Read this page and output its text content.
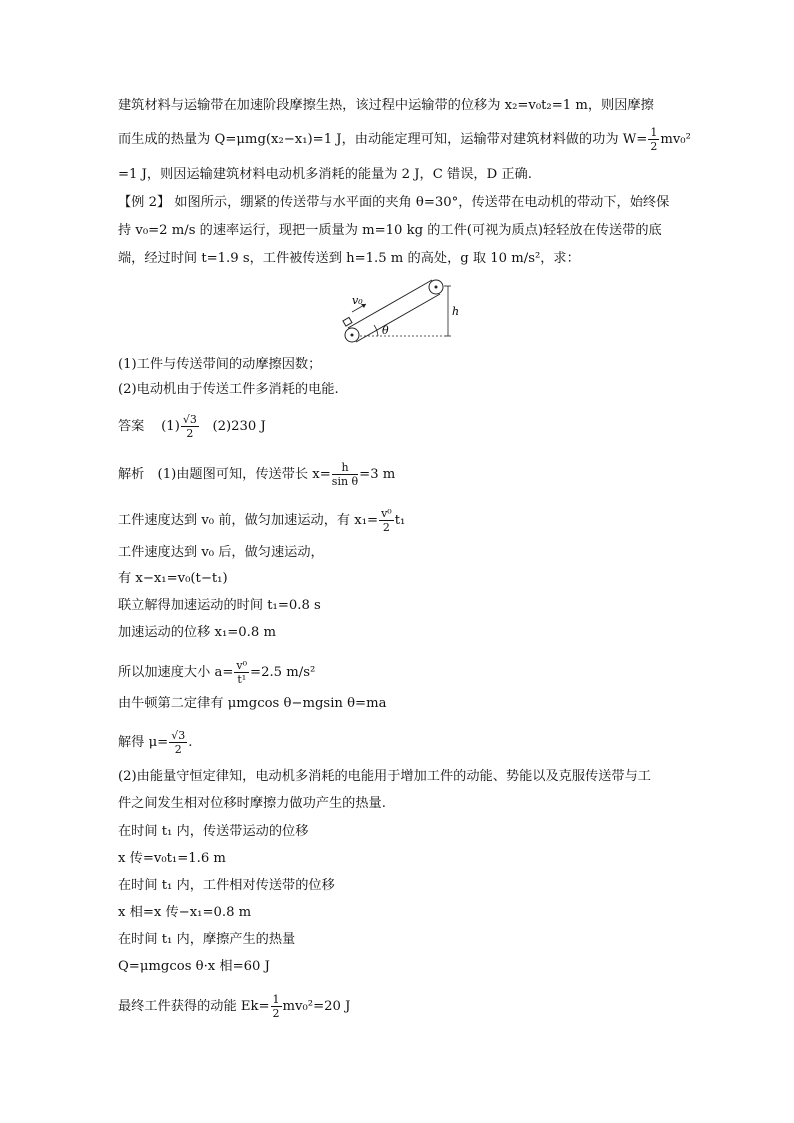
建筑材料与运输带在加速阶段摩擦生热，该过程中运输带的位移为 x₂=v₀t₂=1 m，则因摩擦
而生成的热量为 Q=μmg(x₂−x₁)=1 J，由动能定理可知，运输带对建筑材料做的功为 $W= \frac{1}{2} mv_0^2$
=1 J，则因运输建筑材料电动机多消耗的能量为 2 J，C 错误，D 正确.
【例 2】 如图所示，绷紧的传送带与水平面的夹角 θ=30°，传送带在电动机的带动下，始终保
持 v₀=2 m/s 的速率运行，现把一质量为 m=10 kg 的工件(可视为质点)轻轻放在传送带的底
端，经过时间 t=1.9 s，工件被传送到 h=1.5 m 的高处，g 取 10 m/s²，求：
v₀
h
θ
(1)工件与传送带间的动摩擦因数；
(2)电动机由于传送工件多消耗的电能.
答案 $(1) \frac{√3}{2} (2)230$ J
解析　(1)由题图可知，传送带长 $x= \frac{h}{\text{sin θ}} =3$ m
工件速度达到 v₀ 前，做匀加速运动，有 $x_1= \frac{\text{v⁰}}{2} t_1$
工件速度达到 v₀ 后，做匀速运动，
有 x−x₁=v₀(t−t₁)
联立解得加速运动的时间 t₁=0.8 s
加速运动的位移 x₁=0.8 m
所以加速度大小 $a= \frac{\text{v⁰}}{\text{t¹}} =2.5$ m/s²
由牛顿第二定律有 μmgcos θ−mgsin θ=ma
解得 $\mu= \frac{√3}{2}$ .
(2)由能量守恒定律知，电动机多消耗的电能用于增加工件的动能、势能以及克服传送带与工
件之间发生相对位移时摩擦力做功产生的热量.
在时间 t₁ 内，传送带运动的位移
x 传=v₀t₁=1.6 m
在时间 t₁ 内，工件相对传送带的位移
x 相=x 传−x₁=0.8 m
在时间 t₁ 内，摩擦产生的热量
Q=μmgcos θ·x 相=60 J
最终工件获得的动能 $Ek= \frac{1}{2} mv_0^2=20$ J
